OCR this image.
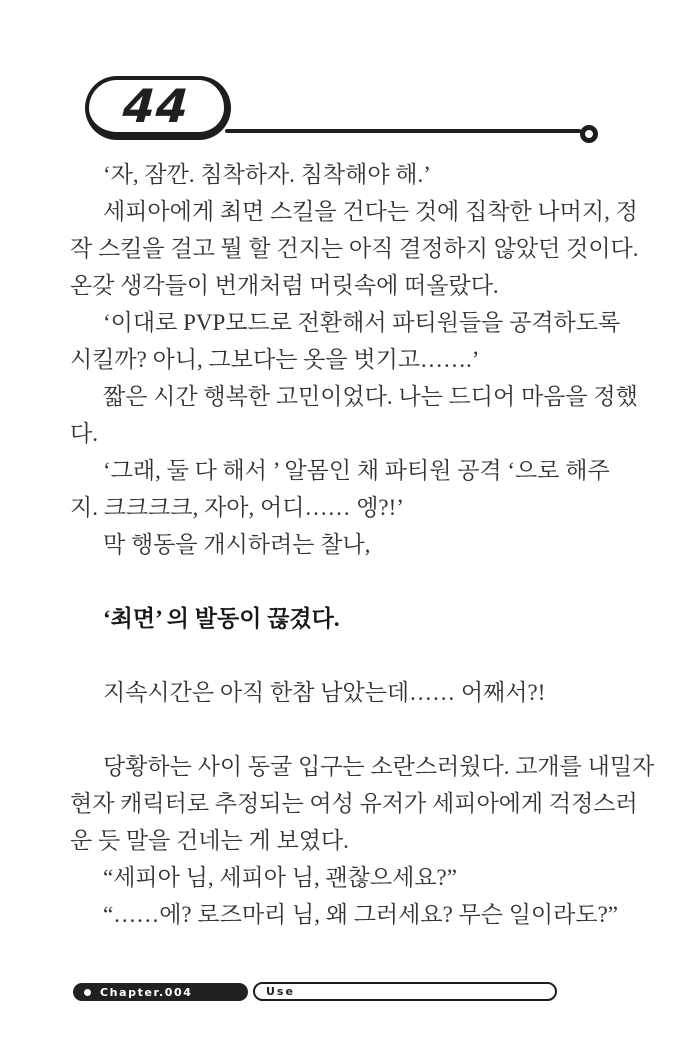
44
‘자, 잠깐. 침착하자. 침착해야 해.’
세피아에게 최면 스킬을 건다는 것에 집착한 나머지, 정
작 스킬을 걸고 뭘 할 건지는 아직 결정하지 않았던 것이다.
온갖 생각들이 번개처럼 머릿속에 떠올랐다.
‘이대로 PVP모드로 전환해서 파티원들을 공격하도록
시킬까? 아니, 그보다는 옷을 벗기고…….’
짧은 시간 행복한 고민이었다. 나는 드디어 마음을 정했
다.
‘그래, 둘 다 해서 ’ 알몸인 채 파티원 공격 ‘으로 해주
지. 크크크크, 자아, 어디…… 엥?!’
막 행동을 개시하려는 찰나,
‘최면’ 의 발동이 끊겼다.
지속시간은 아직 한참 남았는데…… 어째서?!
당황하는 사이 동굴 입구는 소란스러웠다. 고개를 내밀자
현자 캐릭터로 추정되는 여성 유저가 세피아에게 걱정스러
운 듯 말을 건네는 게 보였다.
“세피아 님, 세피아 님, 괜찮으세요?”
“……에? 로즈마리 님, 왜 그러세요? 무슨 일이라도?”
Chapter.004	Use
